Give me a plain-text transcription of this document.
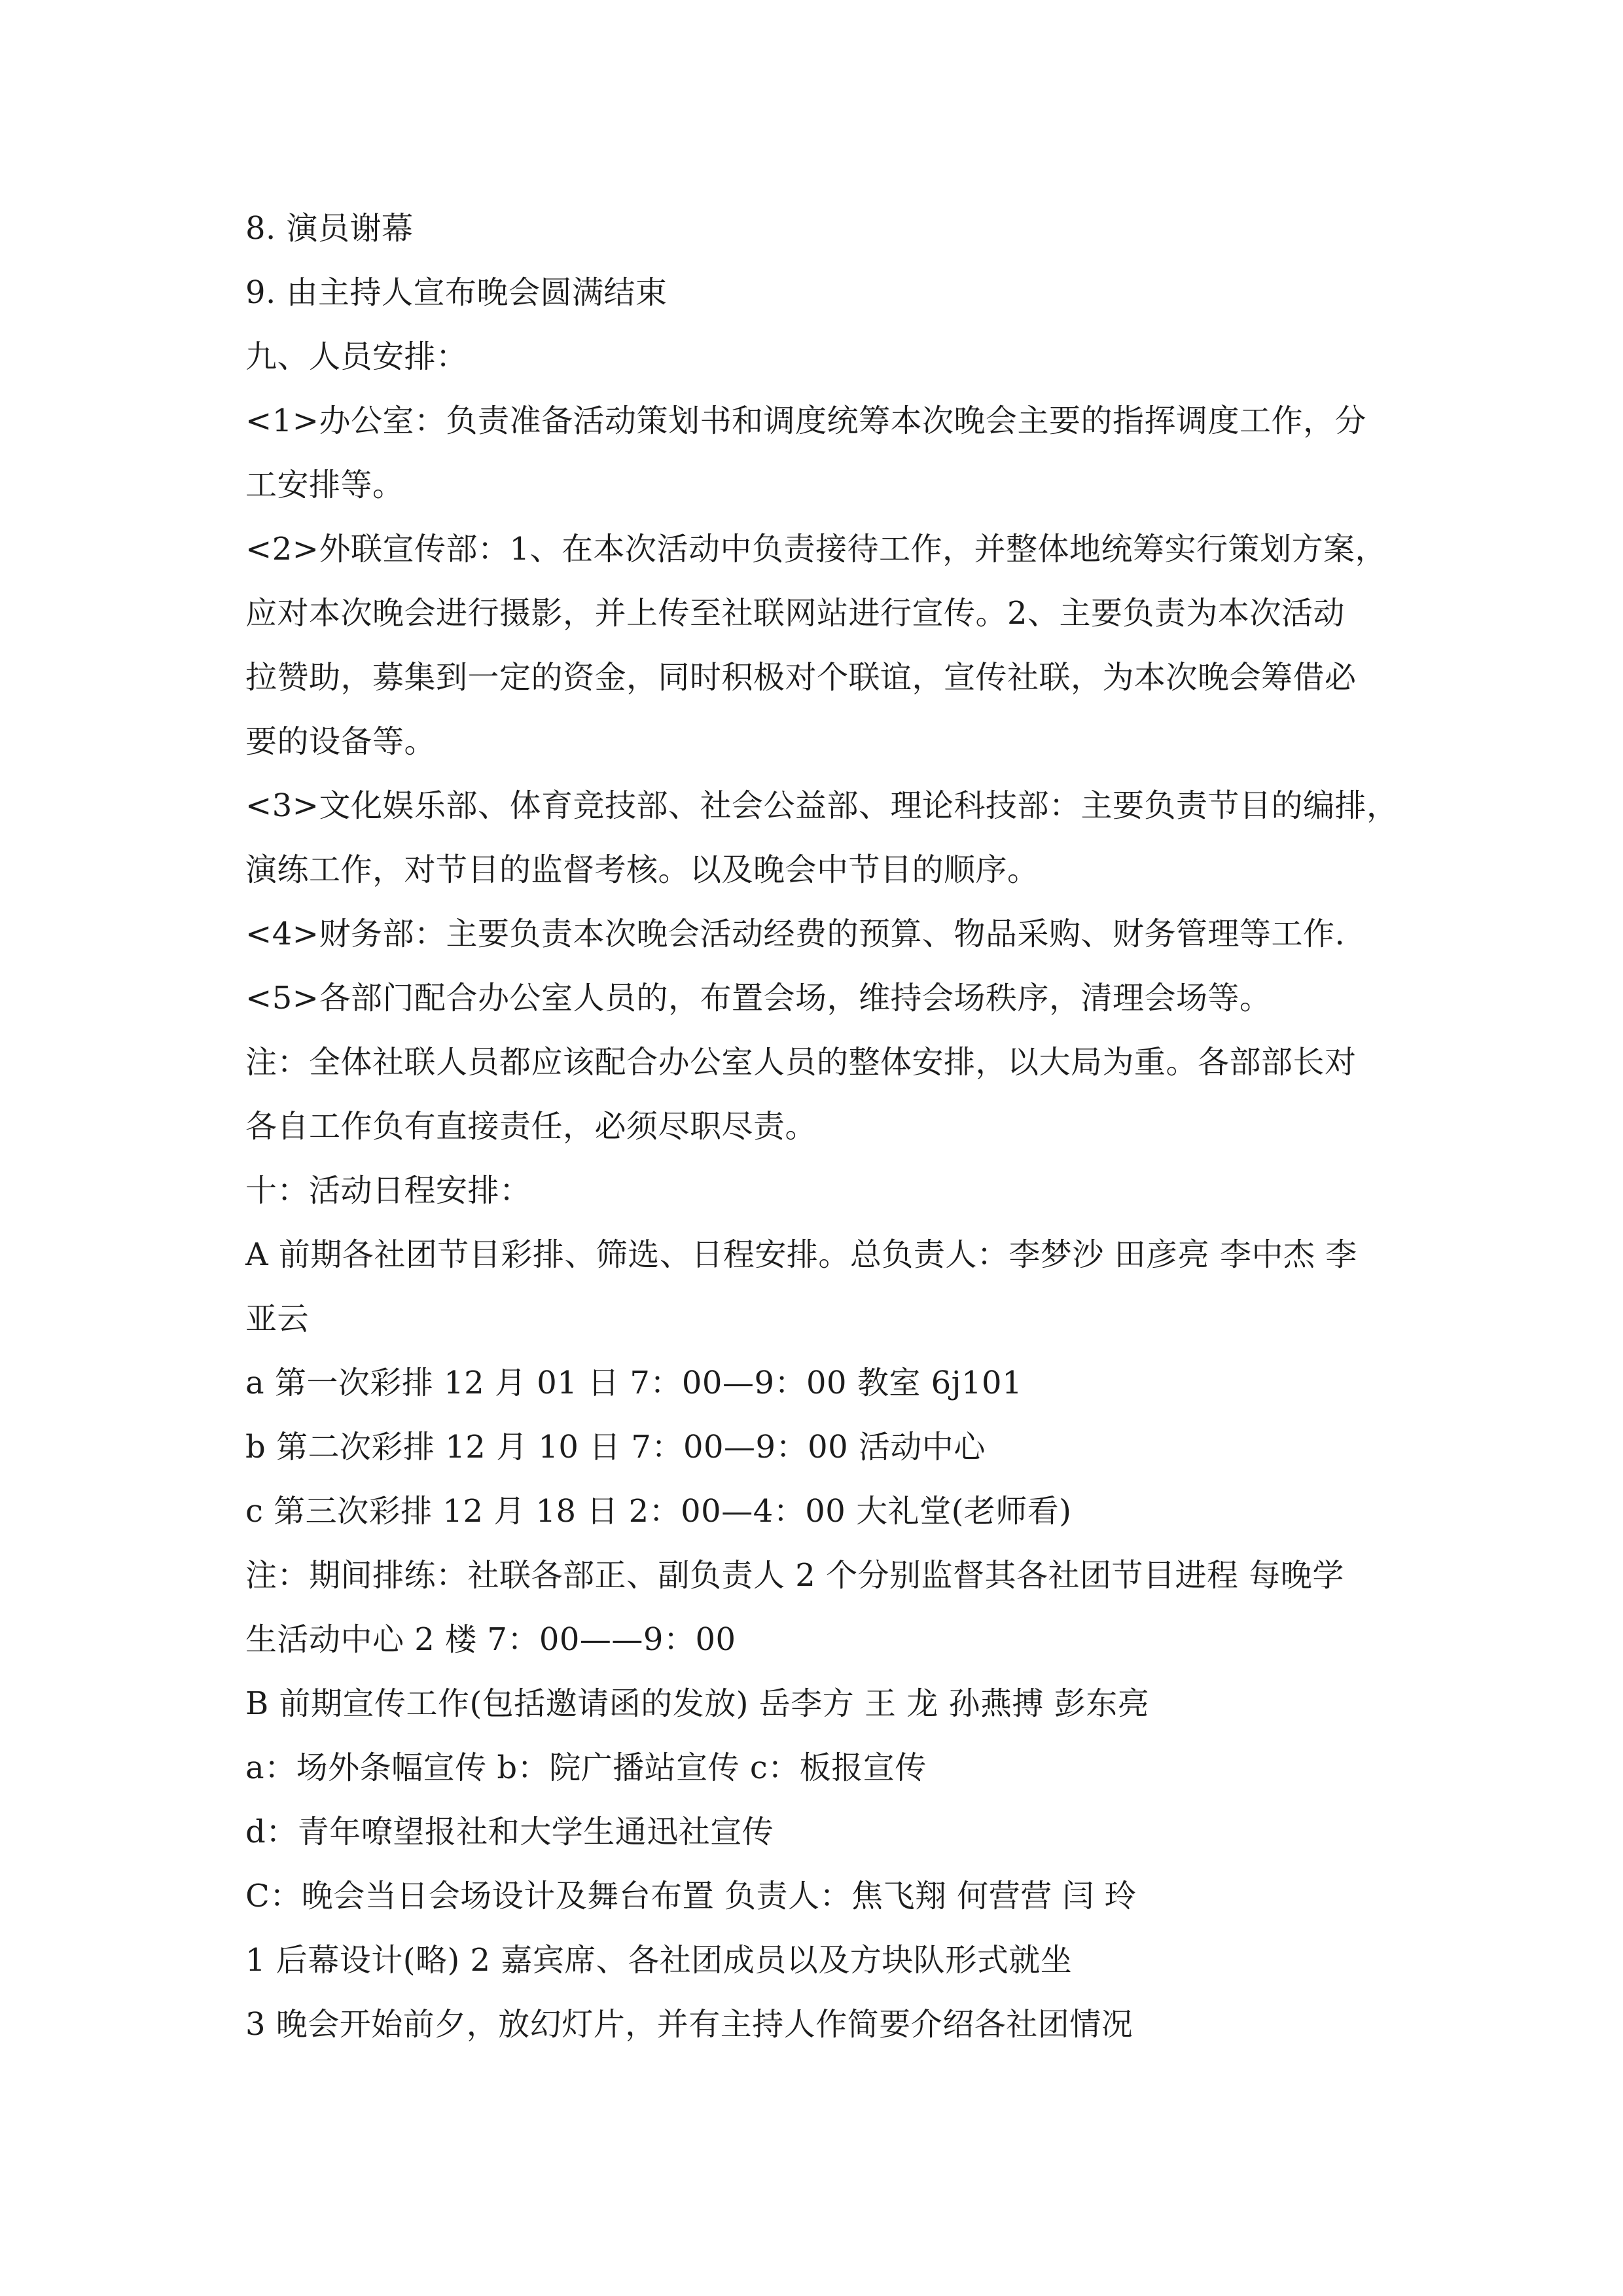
8. 演员谢幕
9. 由主持人宣布晚会圆满结束
九、人员安排：
<1>办公室：负责准备活动策划书和调度统筹本次晚会主要的指挥调度工作，分
工安排等。
<2>外联宣传部：1、在本次活动中负责接待工作，并整体地统筹实行策划方案，
应对本次晚会进行摄影，并上传至社联网站进行宣传。2、主要负责为本次活动
拉赞助，募集到一定的资金，同时积极对个联谊，宣传社联，为本次晚会筹借必
要的设备等。
<3>文化娱乐部、体育竞技部、社会公益部、理论科技部：主要负责节目的编排，
演练工作，对节目的监督考核。以及晚会中节目的顺序。
<4>财务部：主要负责本次晚会活动经费的预算、物品采购、财务管理等工作.
<5>各部门配合办公室人员的，布置会场，维持会场秩序，清理会场等。
注：全体社联人员都应该配合办公室人员的整体安排，以大局为重。各部部长对
各自工作负有直接责任，必须尽职尽责。
十：活动日程安排：
A 前期各社团节目彩排、筛选、日程安排。总负责人：李梦沙 田彦亮 李中杰 李
亚云
a 第一次彩排 12 月 01 日 7：00—9：00 教室 6j101
b 第二次彩排 12 月 10 日 7：00—9：00 活动中心
c 第三次彩排 12 月 18 日 2：00—4：00 大礼堂(老师看)
注：期间排练：社联各部正、副负责人 2 个分别监督其各社团节目进程 每晚学
生活动中心 2 楼 7：00——9：00
B 前期宣传工作(包括邀请函的发放) 岳李方 王 龙 孙燕搏 彭东亮
a：场外条幅宣传 b：院广播站宣传 c：板报宣传
d：青年嘹望报社和大学生通迅社宣传
C：晚会当日会场设计及舞台布置 负责人：焦飞翔 何营营 闫 玲
1 后幕设计(略) 2 嘉宾席、各社团成员以及方块队形式就坐
3 晚会开始前夕，放幻灯片，并有主持人作简要介绍各社团情况
